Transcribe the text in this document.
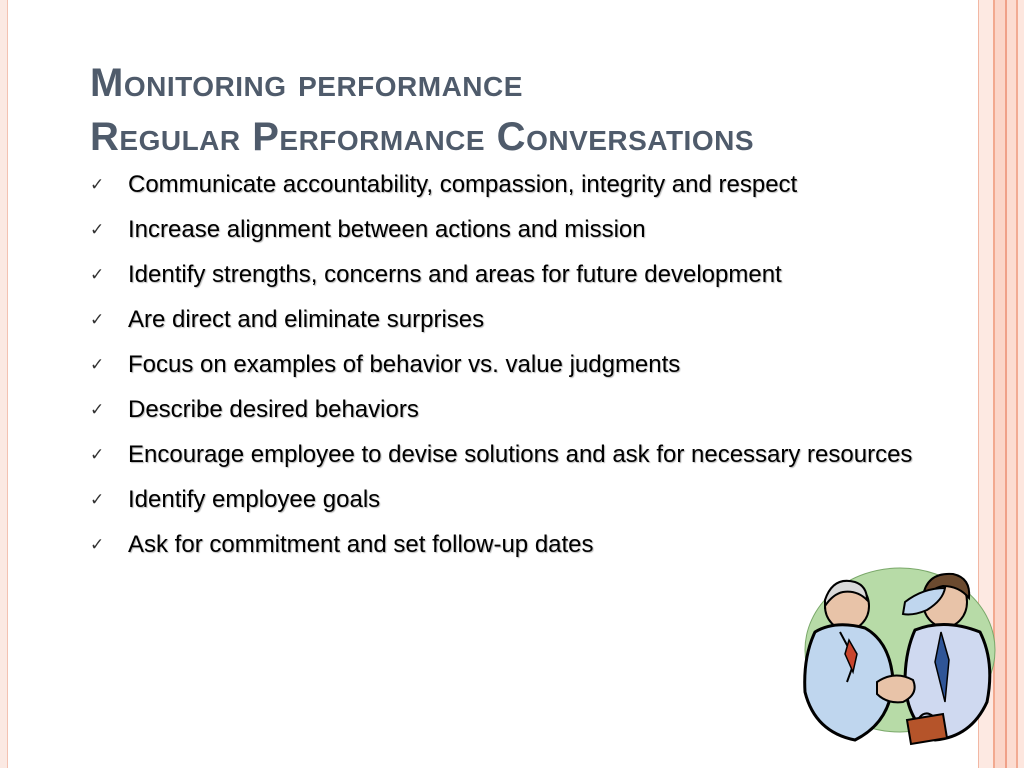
Monitoring performance
Regular Performance Conversations
✓ Communicate accountability, compassion, integrity and respect
✓ Increase alignment between actions and mission
✓ Identify strengths, concerns and areas for future development
✓ Are direct and eliminate surprises
✓ Focus on examples of behavior vs. value judgments
✓ Describe desired behaviors
✓ Encourage employee to devise solutions and ask for necessary resources
✓ Identify employee goals
✓ Ask for commitment and set follow-up dates
